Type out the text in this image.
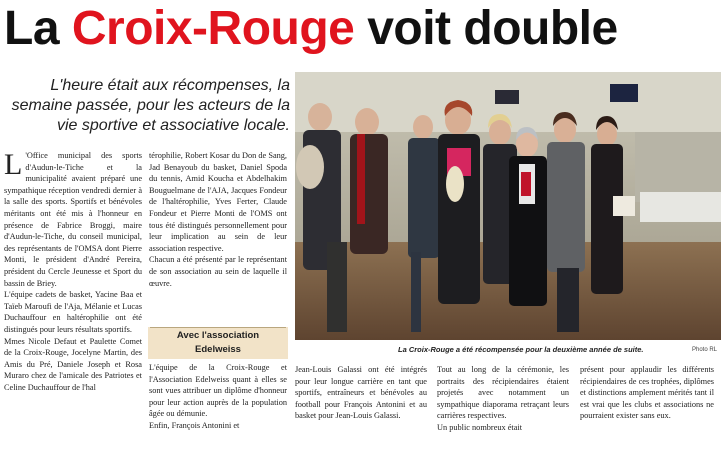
La Croix-Rouge voit double
L'heure était aux récompenses, la semaine passée, pour les acteurs de la vie sportive et associative locale.
La Croix-Rouge a été récompensée pour la deuxième année de suite.	Photo RL
L 'Office municipal des sports d'Audun-le-Tiche et la municipalité avaient préparé une sympathique réception vendredi dernier à la salle des sports. Sportifs et bénévoles méritants ont été mis à l'honneur en présence de Fabrice Broggi, maire d'Audun-le-Tiche, du conseil municipal, des représentants de l'OMSA dont Pierre Monti, le président d'André Pereira, président du Cercle Jeunesse et Sport du bassin de Briey.

L'équipe cadets de basket, Yacine Baa et Taïeb Maroufi de l'Aja, Mélanie et Lucas Duchauffour en haltérophilie ont été distingués pour leurs résultats sportifs.

Mmes Nicole Defaut et Paulette Comet de la Croix-Rouge, Jocelyne Martin, des Amis du Pré, Daniele Joseph et Rosa Muraro chez de l'amicale des Patriotes et Celine Duchauffour de l'hal

térophilie, Robert Kosar du Don de Sang, Jad Benayoub du basket, Daniel Spoda du tennis, Amid Koucha et Abdelhakim Bouguelmane de l'AJA, Jacques Fondeur de l'haltérophilie, Yves Ferter, Claude Fondeur et Pierre Monti de l'OMS ont tous été distingués personnellement pour leur implication au sein de leur association respective.

Chacun a été présenté par le représentant de son association au sein de laquelle il œuvre.

Avec l'association
Edelweiss

L'équipe de la Croix-Rouge et l'Association Edelweiss quant à elles se sont vues attribuer un diplôme d'honneur pour leur action auprès de la population âgée ou démunie.

Enfin, François Antonini et

Jean-Louis Galassi ont été intégrés pour leur longue carrière en tant que sportifs, entraîneurs et bénévoles au football pour François Antonini et au basket pour Jean-Louis Galassi.

Tout au long de la cérémonie, les portraits des récipiendaires étaient projetés avec notamment un sympathique diaporama retraçant leurs carrières respectives.

Un public nombreux était

présent pour applaudir les différents récipiendaires de ces trophées, diplômes et distinctions amplement mérités tant il est vrai que les clubs et associations ne pourraient exister sans eux.
